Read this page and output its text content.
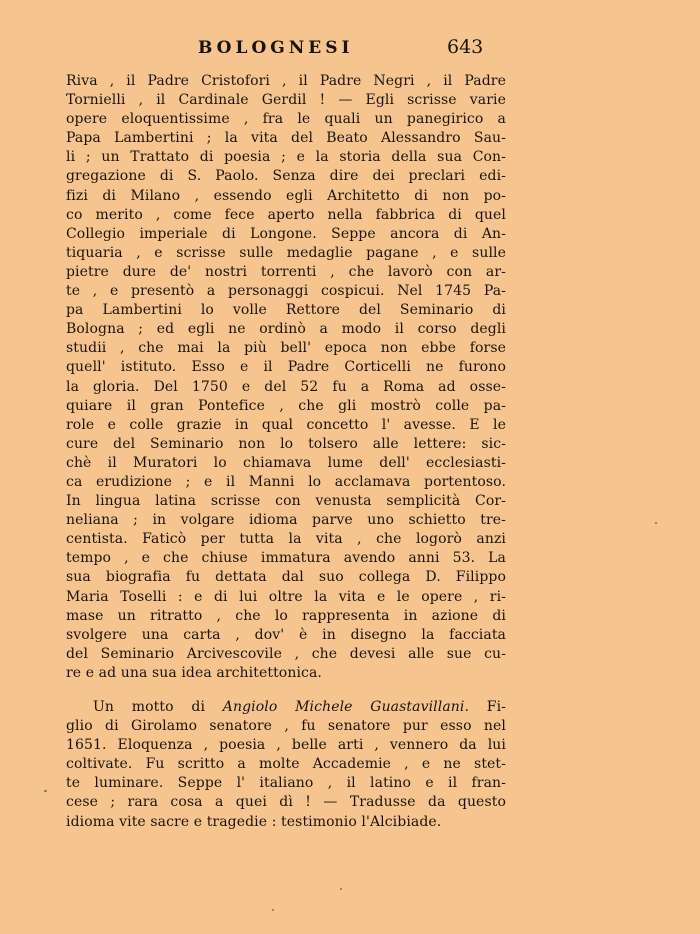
BOLOGNESI	643
Riva , il Padre Cristofori , il Padre Negri , il Padre
Tornielli , il Cardinale Gerdil ! — Egli scrisse varie
opere eloquentissime , fra le quali un panegirico a
Papa Lambertini ; la vita del Beato Alessandro Sau-
li ; un Trattato di poesia ; e la storia della sua Con-
gregazione di S. Paolo. Senza dire dei preclari edi-
fizi di Milano , essendo egli Architetto di non po-
co merito , come fece aperto nella fabbrica di quel
Collegio imperiale di Longone. Seppe ancora di An-
tiquaria , e scrisse sulle medaglie pagane , e sulle
pietre dure de' nostri torrenti , che lavorò con ar-
te , e presentò a personaggi cospicui. Nel 1745 Pa-
pa Lambertini lo volle Rettore del Seminario di
Bologna ; ed egli ne ordinò a modo il corso degli
studii , che mai la più bell' epoca non ebbe forse
quell' istituto. Esso e il Padre Corticelli ne furono
la gloria. Del 1750 e del 52 fu a Roma ad osse-
quiare il gran Pontefice , che gli mostrò colle pa-
role e colle grazie in qual concetto l' avesse. E le
cure del Seminario non lo tolsero alle lettere: sic-
chè il Muratori lo chiamava lume dell' ecclesiasti-
ca erudizione ; e il Manni lo acclamava portentoso.
In lingua latina scrisse con venusta semplicità Cor-
neliana ; in volgare idioma parve uno schietto tre-
centista. Faticò per tutta la vita , che logorò anzi
tempo , e che chiuse immatura avendo anni 53. La
sua biografia fu dettata dal suo collega D. Filippo
Maria Toselli : e di lui oltre la vita e le opere , ri-
mase un ritratto , che lo rappresenta in azione di
svolgere una carta , dov' è in disegno la facciata
del Seminario Arcivescovile , che devesi alle sue cu-
re e ad una sua idea architettonica.
Un motto di Angiolo Michele Guastavillani. Fi-
glio di Girolamo senatore , fu senatore pur esso nel
1651. Eloquenza , poesia , belle arti , vennero da lui
coltivate. Fu scritto a molte Accademie , e ne stet-
te luminare. Seppe l' italiano , il latino e il fran-
cese ; rara cosa a quei dì ! — Tradusse da questo
idioma vite sacre e tragedie : testimonio l'Alcibiade.
